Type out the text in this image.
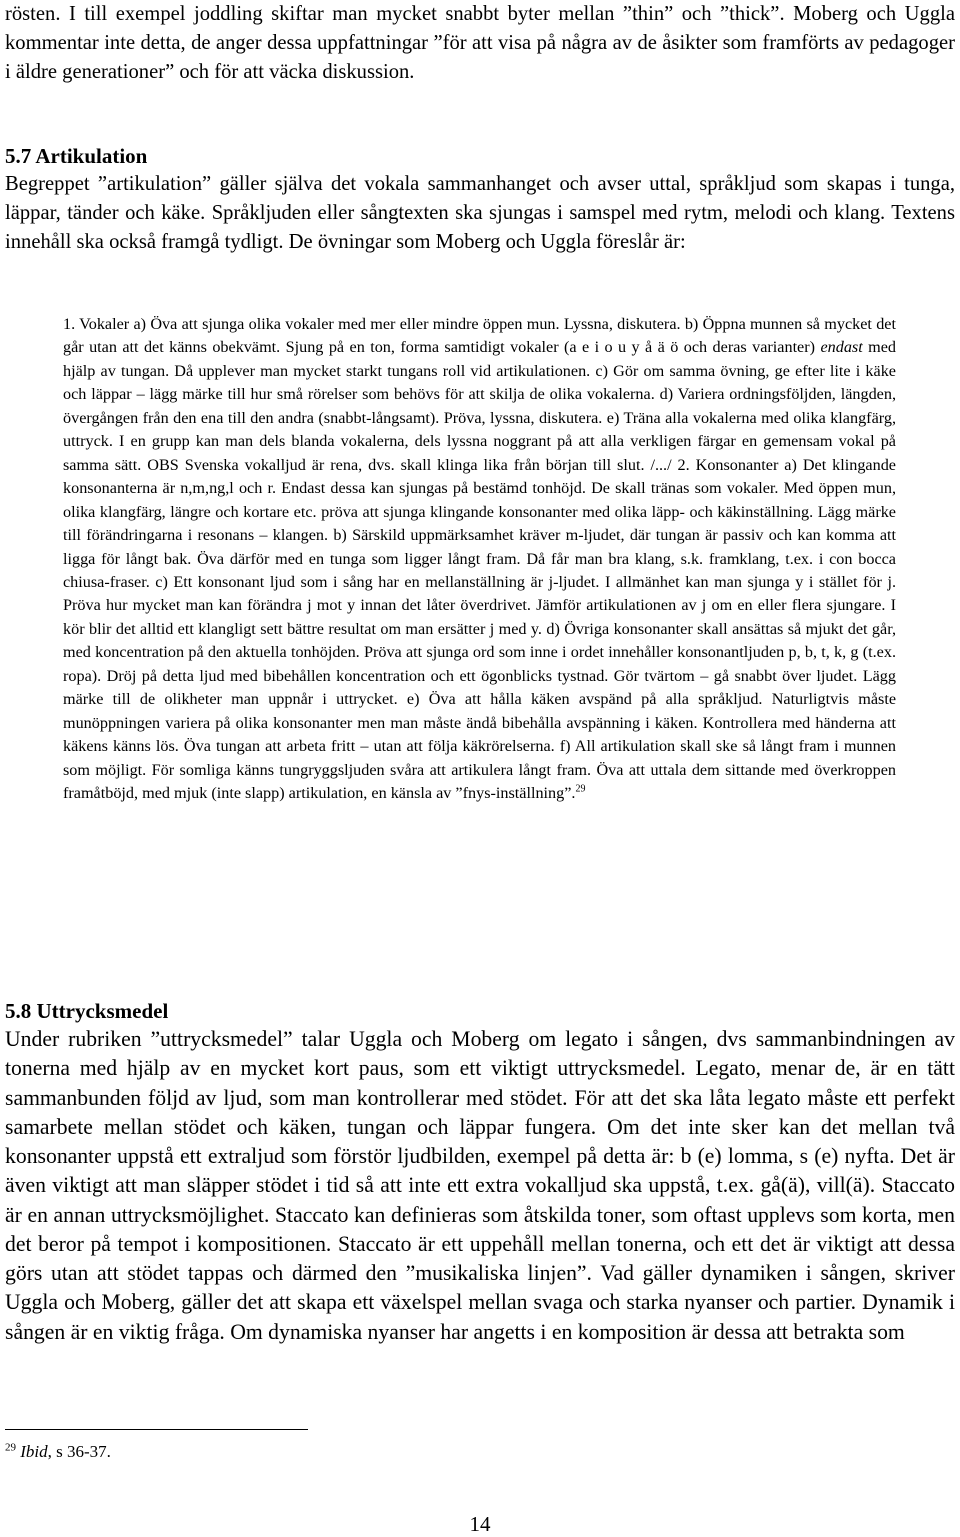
rösten. I till exempel joddling skiftar man mycket snabbt byter mellan ”thin” och ”thick”. Moberg och Uggla kommentar inte detta, de anger dessa uppfattningar ”för att visa på några av de åsikter som framförts av pedagoger i äldre generationer” och för att väcka diskussion.

5.7 Artikulation

Begreppet ”artikulation” gäller själva det vokala sammanhanget och avser uttal, språkljud som skapas i tunga, läppar, tänder och käke. Språkljuden eller sångtexten ska sjungas i samspel med rytm, melodi och klang. Textens innehåll ska också framgå tydligt. De övningar som Moberg och Uggla föreslår är:

1. Vokaler a) Öva att sjunga olika vokaler med mer eller mindre öppen mun. Lyssna, diskutera. b) Öppna munnen så mycket det går utan att det känns obekvämt. Sjung på en ton, forma samtidigt vokaler (a e i o u y å ä ö och deras varianter) endast med hjälp av tungan. Då upplever man mycket starkt tungans roll vid artikulationen. c) Gör om samma övning, ge efter lite i käke och läppar – lägg märke till hur små rörelser som behövs för att skilja de olika vokalerna. d) Variera ordningsföljden, längden, övergången från den ena till den andra (snabbt-långsamt). Pröva, lyssna, diskutera. e) Träna alla vokalerna med olika klangfärg, uttryck. I en grupp kan man dels blanda vokalerna, dels lyssna noggrant på att alla verkligen färgar en gemensam vokal på samma sätt. OBS Svenska vokalljud är rena, dvs. skall klinga lika från början till slut. /.../ 2. Konsonanter a) Det klingande konsonanterna är n,m,ng,l och r. Endast dessa kan sjungas på bestämd tonhöjd. De skall tränas som vokaler. Med öppen mun, olika klangfärg, längre och kortare etc. pröva att sjunga klingande konsonanter med olika läpp- och käkinställning. Lägg märke till förändringarna i resonans – klangen. b) Särskild uppmärksamhet kräver m-ljudet, där tungan är passiv och kan komma att ligga för långt bak. Öva därför med en tunga som ligger långt fram. Då får man bra klang, s.k. framklang, t.ex. i con bocca chiusa-fraser. c) Ett konsonant ljud som i sång har en mellanställning är j-ljudet. I allmänhet kan man sjunga y i stället för j. Pröva hur mycket man kan förändra j mot y innan det låter överdrivet. Jämför artikulationen av j om en eller flera sjungare. I kör blir det alltid ett klangligt sett bättre resultat om man ersätter j med y. d) Övriga konsonanter skall ansättas så mjukt det går, med koncentration på den aktuella tonhöjden. Pröva att sjunga ord som inne i ordet innehåller konsonantljuden p, b, t, k, g (t.ex. ropa). Dröj på detta ljud med bibehållen koncentration och ett ögonblicks tystnad. Gör tvärtom – gå snabbt över ljudet. Lägg märke till de olikheter man uppnår i uttrycket. e) Öva att hålla käken avspänd på alla språkljud. Naturligtvis måste munöppningen variera på olika konsonanter men man måste ändå bibehålla avspänning i käken. Kontrollera med händerna att käkens känns lös. Öva tungan att arbeta fritt – utan att följa käkrörelserna. f) All artikulation skall ske så långt fram i munnen som möjligt. För somliga känns tungryggsljuden svåra att artikulera långt fram. Öva att uttala dem sittande med överkroppen framåtböjd, med mjuk (inte slapp) artikulation, en känsla av ”fnys-inställning”.$^{29}$

5.8 Uttrycksmedel

Under rubriken ”uttrycksmedel” talar Uggla och Moberg om legato i sången, dvs sammanbindningen av tonerna med hjälp av en mycket kort paus, som ett viktigt uttrycksmedel. Legato, menar de, är en tätt sammanbunden följd av ljud, som man kontrollerar med stödet. För att det ska låta legato måste ett perfekt samarbete mellan stödet och käken, tungan och läppar fungera. Om det inte sker kan det mellan två konsonanter uppstå ett extraljud som förstör ljudbilden, exempel på detta är: b (e) lomma, s (e) nyfta. Det är även viktigt att man släpper stödet i tid så att inte ett extra vokalljud ska uppstå, t.ex. gå(ä), vill(ä). Staccato är en annan uttrycksmöjlighet. Staccato kan definieras som åtskilda toner, som oftast upplevs som korta, men det beror på tempot i kompositionen. Staccato är ett uppehåll mellan tonerna, och ett det är viktigt att dessa görs utan att stödet tappas och därmed den ”musikaliska linjen”. Vad gäller dynamiken i sången, skriver Uggla och Moberg, gäller det att skapa ett växelspel mellan svaga och starka nyanser och partier. Dynamik i sången är en viktig fråga. Om dynamiska nyanser har angetts i en komposition är dessa att betrakta som

$^{29}$ Ibid, s 36-37.

14
